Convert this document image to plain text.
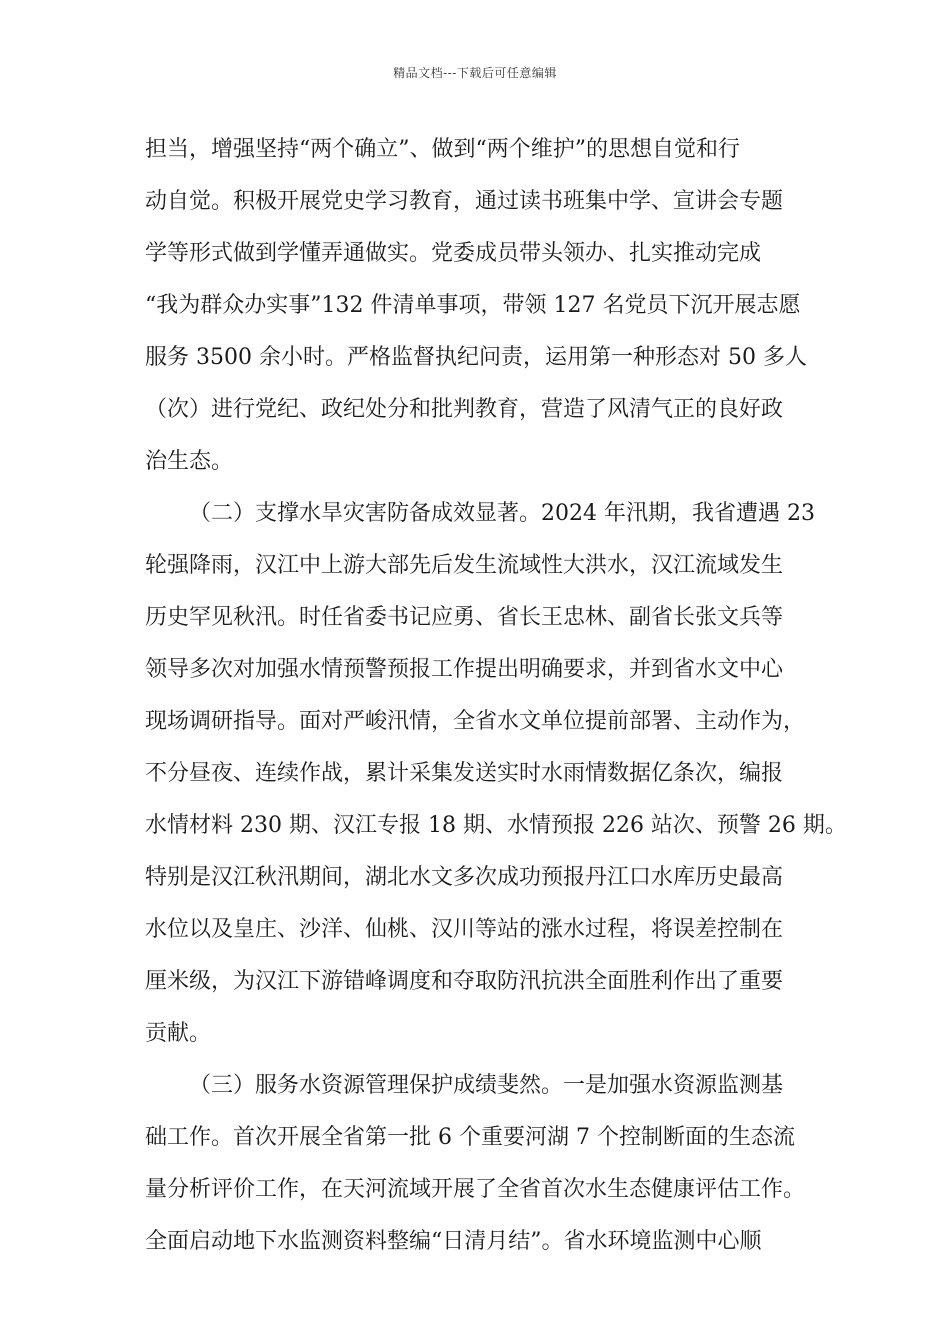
精品文档---下载后可任意编辑
担当，增强坚持“两个确立”、做到“两个维护”的思想自觉和行
动自觉。积极开展党史学习教育，通过读书班集中学、宣讲会专题
学等形式做到学懂弄通做实。党委成员带头领办、扎实推动完成
“我为群众办实事”132 件清单事项，带领 127 名党员下沉开展志愿
服务 3500 余小时。严格监督执纪问责，运用第一种形态对 50 多人
（次）进行党纪、政纪处分和批判教育，营造了风清气正的良好政
治生态。
（二）支撑水旱灾害防备成效显著。2024 年汛期，我省遭遇 23
轮强降雨，汉江中上游大部先后发生流域性大洪水，汉江流域发生
历史罕见秋汛。时任省委书记应勇、省长王忠林、副省长张文兵等
领导多次对加强水情预警预报工作提出明确要求，并到省水文中心
现场调研指导。面对严峻汛情，全省水文单位提前部署、主动作为，
不分昼夜、连续作战，累计采集发送实时水雨情数据亿条次，编报
水情材料 230 期、汉江专报 18 期、水情预报 226 站次、预警 26 期。
特别是汉江秋汛期间，湖北水文多次成功预报丹江口水库历史最高
水位以及皇庄、沙洋、仙桃、汉川等站的涨水过程，将误差控制在
厘米级，为汉江下游错峰调度和夺取防汛抗洪全面胜利作出了重要
贡献。
（三）服务水资源管理保护成绩斐然。一是加强水资源监测基
础工作。首次开展全省第一批 6 个重要河湖 7 个控制断面的生态流
量分析评价工作，在天河流域开展了全省首次水生态健康评估工作。
全面启动地下水监测资料整编“日清月结”。省水环境监测中心顺
